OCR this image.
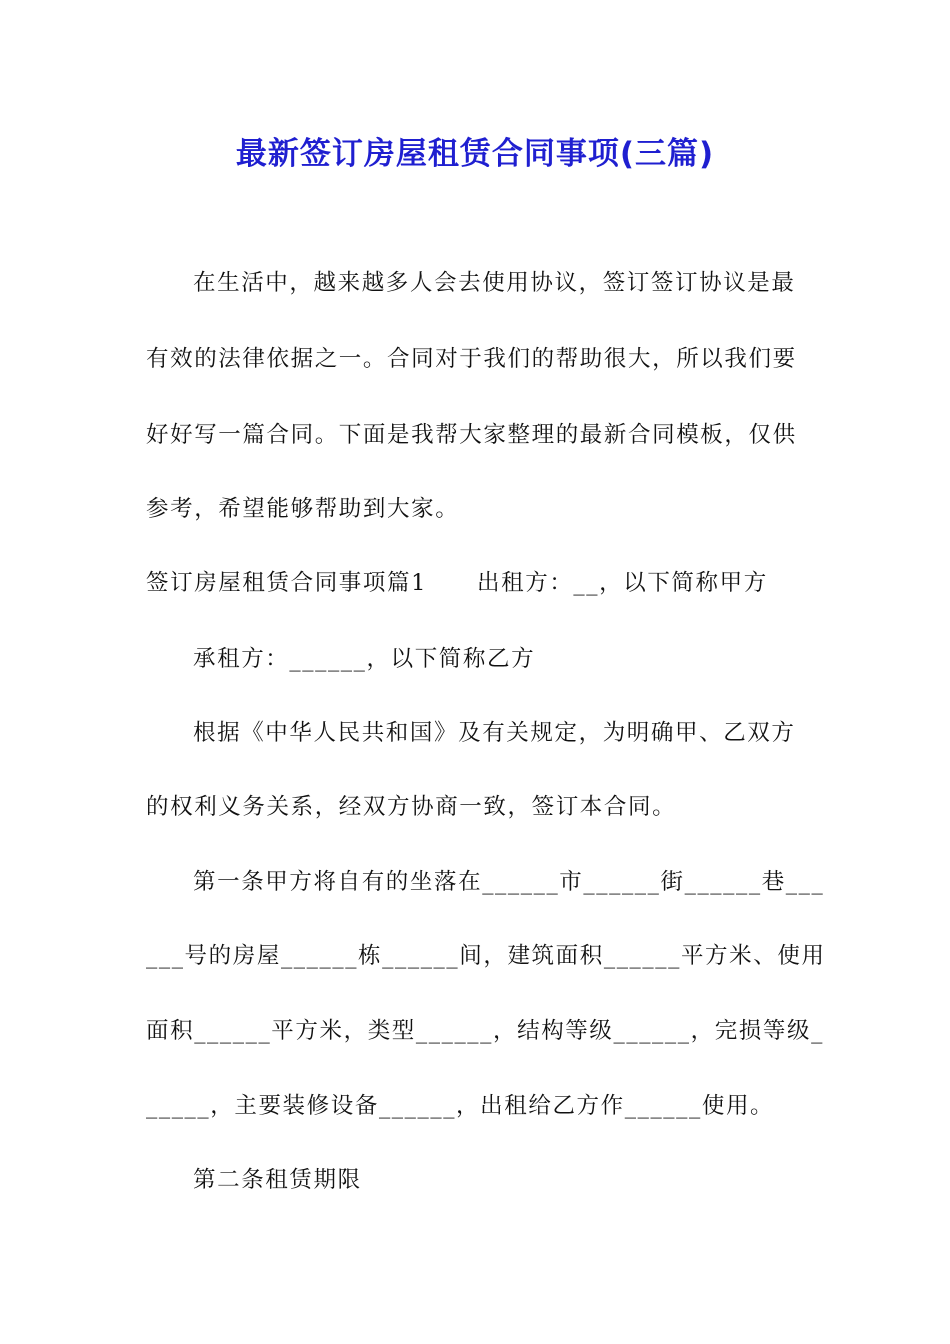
最新签订房屋租赁合同事项(三篇)
在生活中，越来越多人会去使用协议，签订签订协议是最
有效的法律依据之一。合同对于我们的帮助很大，所以我们要
好好写一篇合同。下面是我帮大家整理的最新合同模板，仅供
参考，希望能够帮助到大家。
签订房屋租赁合同事项篇1 出租方：__，以下简称甲方
承租方：______，以下简称乙方
根据《中华人民共和国》及有关规定，为明确甲、乙双方
的权利义务关系，经双方协商一致，签订本合同。
第一条甲方将自有的坐落在______市______街______巷___
___号的房屋______栋______间，建筑面积______平方米、使用
面积______平方米，类型______，结构等级______，完损等级_
_____，主要装修设备______，出租给乙方作______使用。
第二条租赁期限
